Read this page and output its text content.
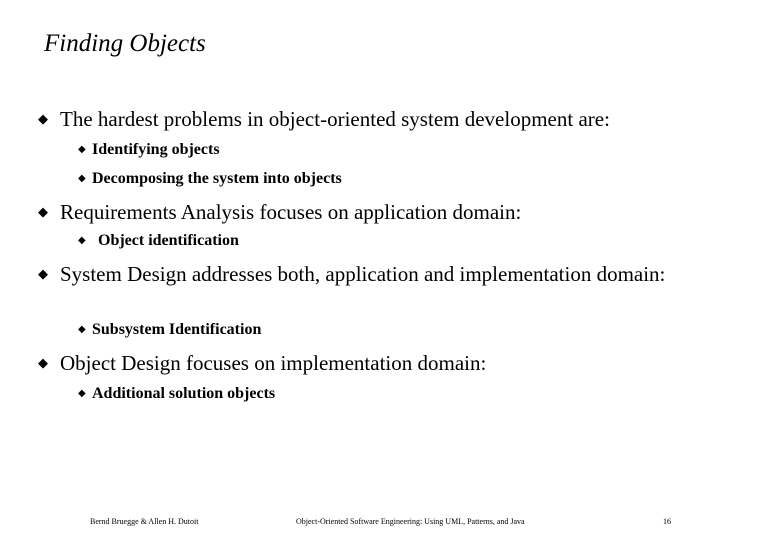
Finding Objects
◆ The hardest problems in object-oriented system development are:
◆ Identifying objects
◆ Decomposing the system into objects
◆ Requirements Analysis focuses on application domain:
◆ Object identification
◆ System Design addresses both, application and implementation domain:
◆ Subsystem Identification
◆ Object Design focuses on implementation domain:
◆ Additional solution objects
Bernd Bruegge & Allen H. Dutoit	Object-Oriented Software Engineering: Using UML, Patterns, and Java	16
